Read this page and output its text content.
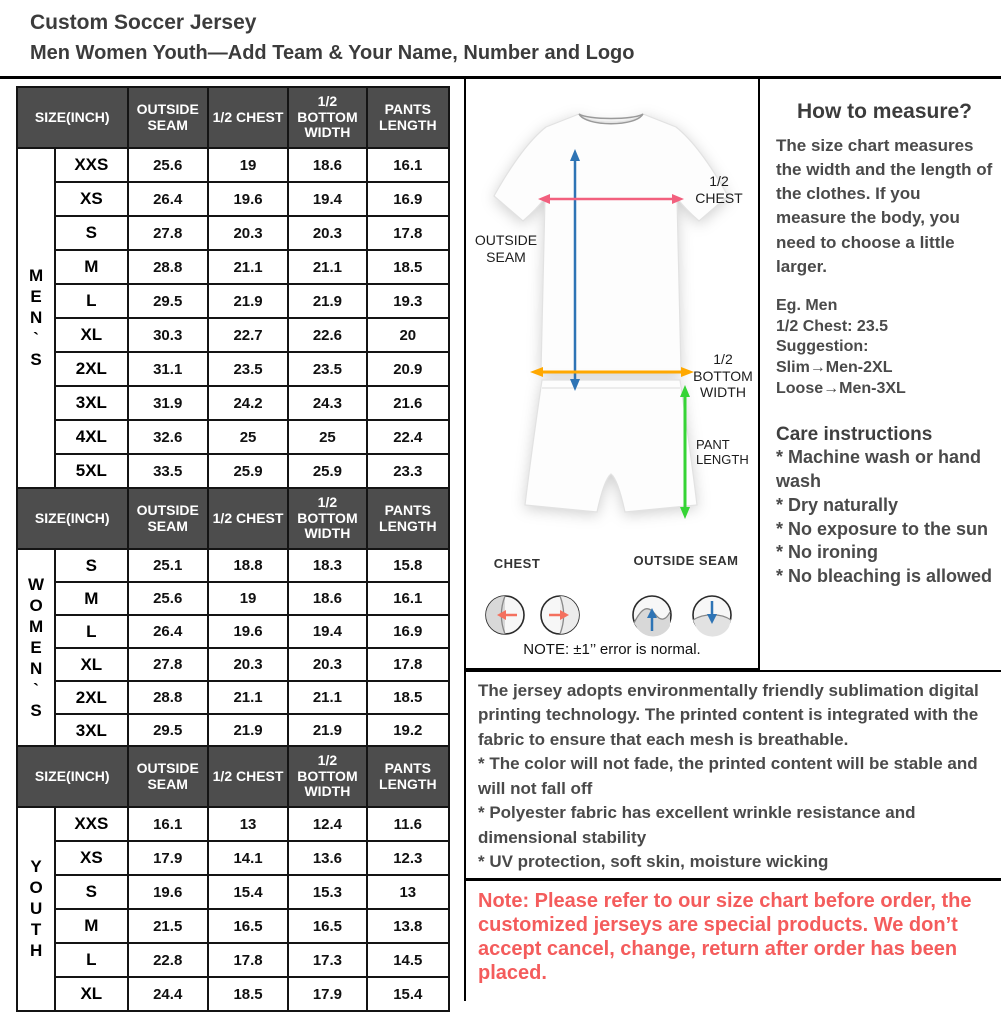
Custom Soccer Jersey
Men Women Youth—Add Team & Your Name, Number and Logo
SIZE(INCH)		OUTSIDE SEAM	1/2 CHEST	1/2 BOTTOM WIDTH	PANTS LENGTH

MEN`S	XXS	25.6	19	18.6	16.1
	XS	26.4	19.6	19.4	16.9
	S	27.8	20.3	20.3	17.8
	M	28.8	21.1	21.1	18.5
	L	29.5	21.9	21.9	19.3
	XL	30.3	22.7	22.6	20
	2XL	31.1	23.5	23.5	20.9
	3XL	31.9	24.2	24.3	21.6
	4XL	32.6	25	25	22.4
	5XL	33.5	25.9	25.9	23.3
SIZE(INCH)		OUTSIDE SEAM	1/2 CHEST	1/2 BOTTOM WIDTH	PANTS LENGTH

WOMEN`S	S	25.1	18.8	18.3	15.8
	M	25.6	19	18.6	16.1
	L	26.4	19.6	19.4	16.9
	XL	27.8	20.3	20.3	17.8
	2XL	28.8	21.1	21.1	18.5
	3XL	29.5	21.9	21.9	19.2
SIZE(INCH)		OUTSIDE SEAM	1/2 CHEST	1/2 BOTTOM WIDTH	PANTS LENGTH

YOUTH	XXS	16.1	13	12.4	11.6
	XS	17.9	14.1	13.6	12.3
	S	19.6	15.4	15.3	13
	M	21.5	16.5	16.5	13.8
	L	22.8	17.8	17.3	14.5
	XL	24.4	18.5	17.9	15.4
1/2 CHEST
OUTSIDE SEAM
1/2 BOTTOM WIDTH
PANT LENGTH
CHEST	OUTSIDE SEAM
NOTE: ±1’’ error is normal.
How to measure?
The size chart measures the width and the length of the clothes. If you measure the body, you need to choose a little larger.
Eg. Men
1/2 Chest: 23.5
Suggestion:
Slim→Men-2XL
Loose→Men-3XL
Care instructions
* Machine wash or hand wash
* Dry naturally
* No exposure to the sun
* No ironing
* No bleaching is allowed
The jersey adopts environmentally friendly sublimation digital printing technology. The printed content is integrated with the fabric to ensure that each mesh is breathable.
* The color will not fade, the printed content will be stable and will not fall off
* Polyester fabric has excellent wrinkle resistance and dimensional stability
* UV protection, soft skin, moisture wicking
Note: Please refer to our size chart before order, the customized jerseys are special products. We don’t accept cancel, change, return after order has been placed.
